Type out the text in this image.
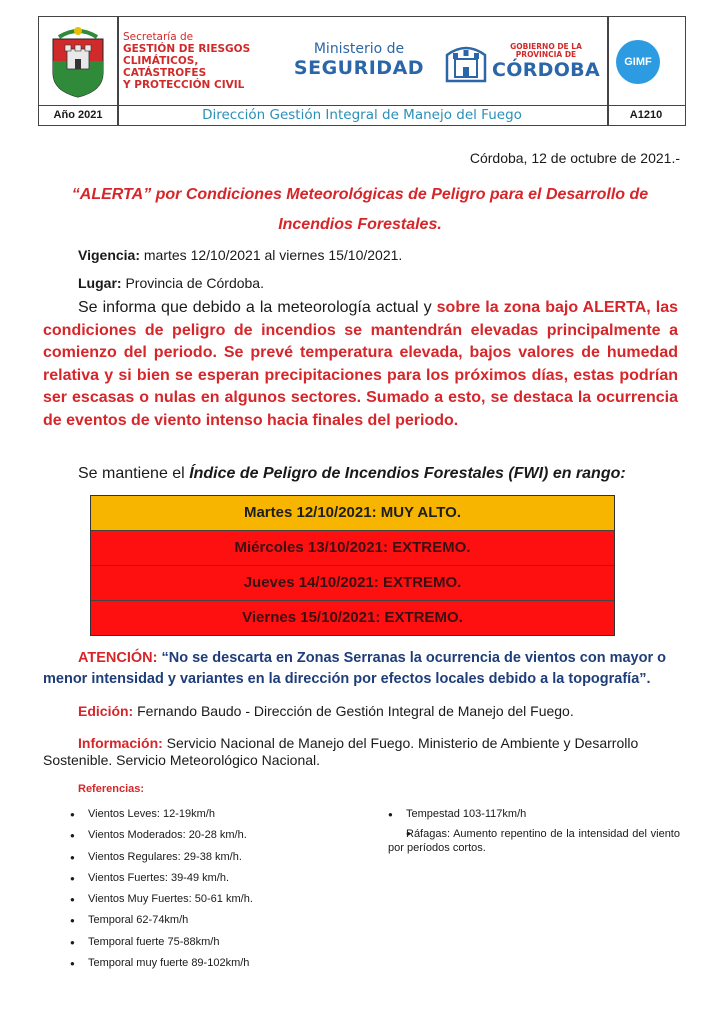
Secretaría de
GESTIÓN DE RIESGOS
CLIMÁTICOS, CATÁSTROFES
Y PROTECCIÓN CIVIL
Ministerio de
SEGURIDAD
GOBIERNO DE LA
PROVINCIA DE
CÓRDOBA	GIMF
Año 2021	Dirección Gestión Integral de Manejo del Fuego	A1210
Córdoba, 12 de octubre de 2021.-
“ALERTA” por Condiciones Meteorológicas de Peligro para el Desarrollo de
Incendios Forestales.
Vigencia: martes 12/10/2021 al viernes 15/10/2021.
Lugar: Provincia de Córdoba.
Se informa que debido a la meteorología actual y sobre la zona bajo ALERTA, las condiciones de peligro de incendios se mantendrán elevadas principalmente a comienzo del periodo. Se prevé temperatura elevada, bajos valores de humedad relativa y si bien se esperan precipitaciones para los próximos días, estas podrían ser escasas o nulas en algunos sectores. Sumado a esto, se destaca la ocurrencia de eventos de viento intenso hacia finales del periodo.
Se mantiene el Índice de Peligro de Incendios Forestales (FWI) en rango:
Martes 12/10/2021: MUY ALTO.
Miércoles 13/10/2021: EXTREMO.
Jueves 14/10/2021: EXTREMO.
Viernes 15/10/2021: EXTREMO.
ATENCIÓN: “No se descarta en Zonas Serranas la ocurrencia de vientos con mayor o menor intensidad y variantes en la dirección por efectos locales debido a la topografía”.
Edición: Fernando Baudo - Dirección de Gestión Integral de Manejo del Fuego.
Información: Servicio Nacional de Manejo del Fuego. Ministerio de Ambiente y Desarrollo Sostenible. Servicio Meteorológico Nacional.
Referencias:
● Vientos Leves: 12-19km/h
● Vientos Moderados: 20-28 km/h.
● Vientos Regulares: 29-38 km/h.
● Vientos Fuertes: 39-49 km/h.
● Vientos Muy Fuertes: 50-61 km/h.
● Temporal 62-74km/h
● Temporal fuerte 75-88km/h
● Temporal muy fuerte 89-102km/h
● Tempestad 103-117km/h
● Ráfagas: Aumento repentino de la intensidad del viento por períodos cortos.
